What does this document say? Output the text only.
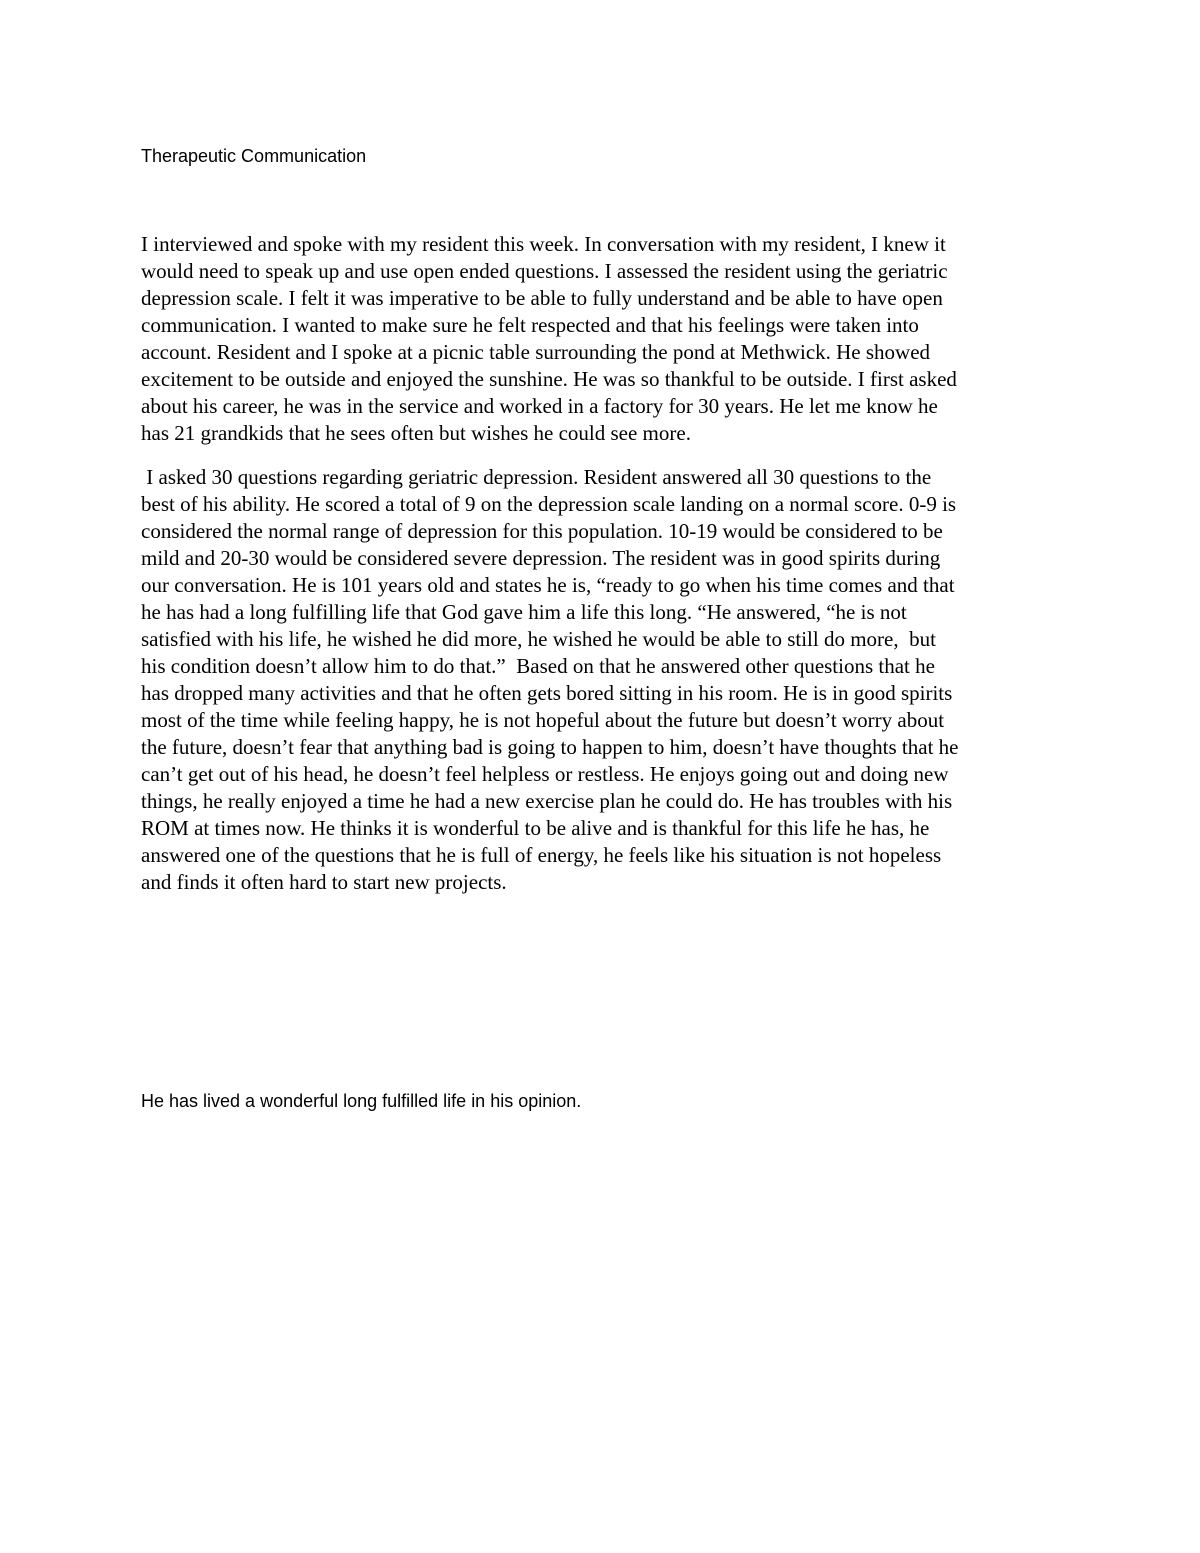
Therapeutic Communication
I interviewed and spoke with my resident this week. In conversation with my resident, I knew it
would need to speak up and use open ended questions. I assessed the resident using the geriatric
depression scale. I felt it was imperative to be able to fully understand and be able to have open
communication. I wanted to make sure he felt respected and that his feelings were taken into
account. Resident and I spoke at a picnic table surrounding the pond at Methwick. He showed
excitement to be outside and enjoyed the sunshine. He was so thankful to be outside. I first asked
about his career, he was in the service and worked in a factory for 30 years. He let me know he
has 21 grandkids that he sees often but wishes he could see more.
I asked 30 questions regarding geriatric depression. Resident answered all 30 questions to the
best of his ability. He scored a total of 9 on the depression scale landing on a normal score. 0-9 is
considered the normal range of depression for this population. 10-19 would be considered to be
mild and 20-30 would be considered severe depression. The resident was in good spirits during
our conversation. He is 101 years old and states he is, “ready to go when his time comes and that
he has had a long fulfilling life that God gave him a life this long. “He answered, “he is not
satisfied with his life, he wished he did more, he wished he would be able to still do more,  but
his condition doesn’t allow him to do that.”  Based on that he answered other questions that he
has dropped many activities and that he often gets bored sitting in his room. He is in good spirits
most of the time while feeling happy, he is not hopeful about the future but doesn’t worry about
the future, doesn’t fear that anything bad is going to happen to him, doesn’t have thoughts that he
can’t get out of his head, he doesn’t feel helpless or restless. He enjoys going out and doing new
things, he really enjoyed a time he had a new exercise plan he could do. He has troubles with his
ROM at times now. He thinks it is wonderful to be alive and is thankful for this life he has, he
answered one of the questions that he is full of energy, he feels like his situation is not hopeless
and finds it often hard to start new projects.
He has lived a wonderful long fulfilled life in his opinion.
